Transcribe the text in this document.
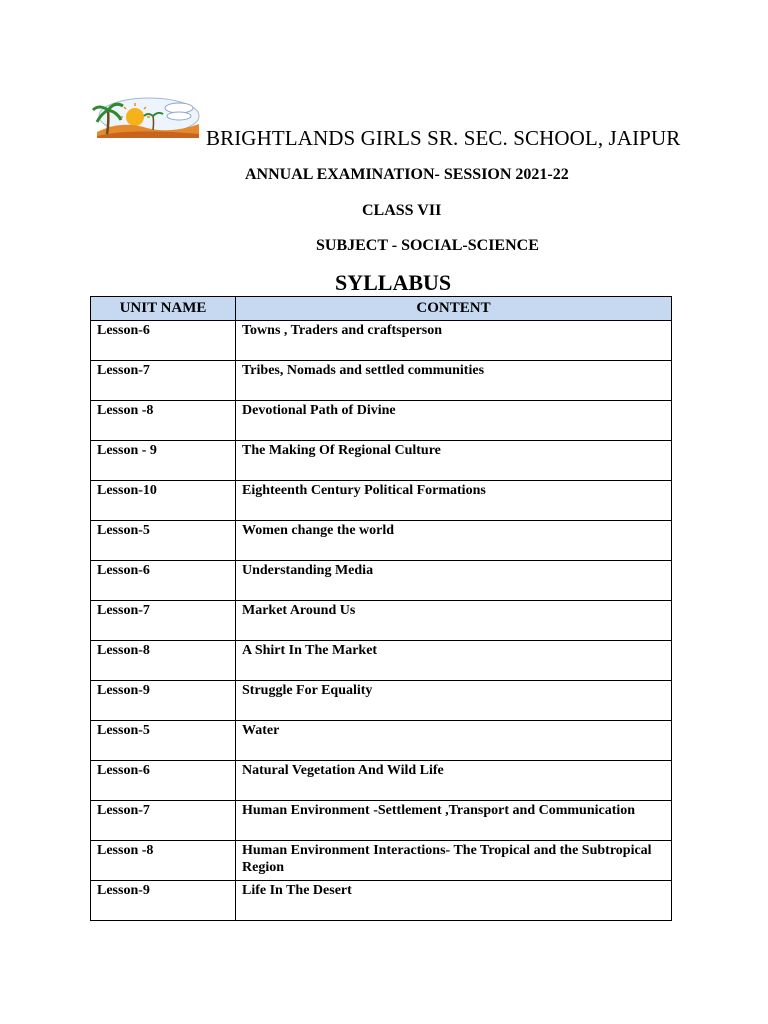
BRIGHTLANDS GIRLS SR. SEC. SCHOOL, JAIPUR
ANNUAL EXAMINATION- SESSION 2021-22
CLASS VII
SUBJECT - SOCIAL-SCIENCE
SYLLABUS
UNIT NAME	CONTENT
Lesson-6	Towns , Traders and craftsperson
Lesson-7	Tribes, Nomads and settled communities
Lesson -8	Devotional Path of Divine
Lesson - 9	The Making Of Regional Culture
Lesson-10	Eighteenth Century Political Formations
Lesson-5	Women change the world
Lesson-6	Understanding Media
Lesson-7	Market Around Us
Lesson-8	A Shirt In The Market
Lesson-9	Struggle For Equality
Lesson-5	Water
Lesson-6	Natural Vegetation And Wild Life
Lesson-7	Human Environment -Settlement ,Transport and Communication
Lesson -8	Human Environment Interactions- The Tropical and the Subtropical Region
Lesson-9	Life In The Desert
